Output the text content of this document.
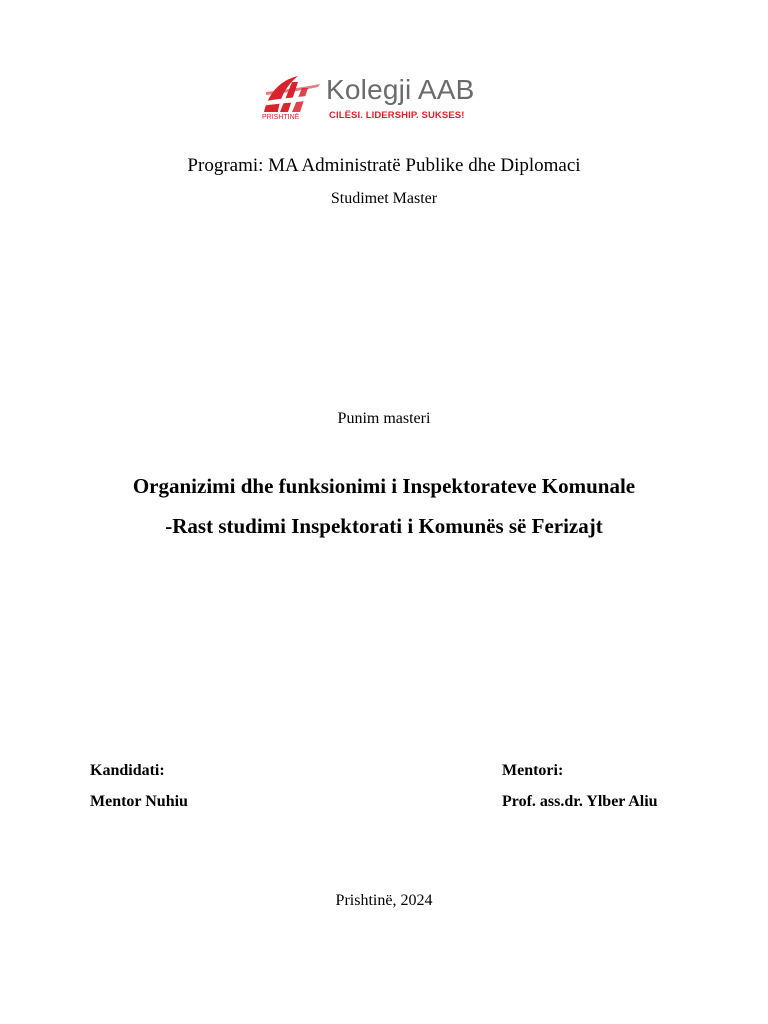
PRISHTINË
Kolegji AAB
CILËSI. LIDERSHIP. SUKSES!
Programi: MA Administratë Publike dhe Diplomaci
Studimet Master
Punim masteri
Organizimi dhe funksionimi i Inspektorateve Komunale
-Rast studimi Inspektorati i Komunës së Ferizajt
Kandidati:
Mentor Nuhiu
Mentori:
Prof. ass.dr. Ylber Aliu
Prishtinë, 2024
